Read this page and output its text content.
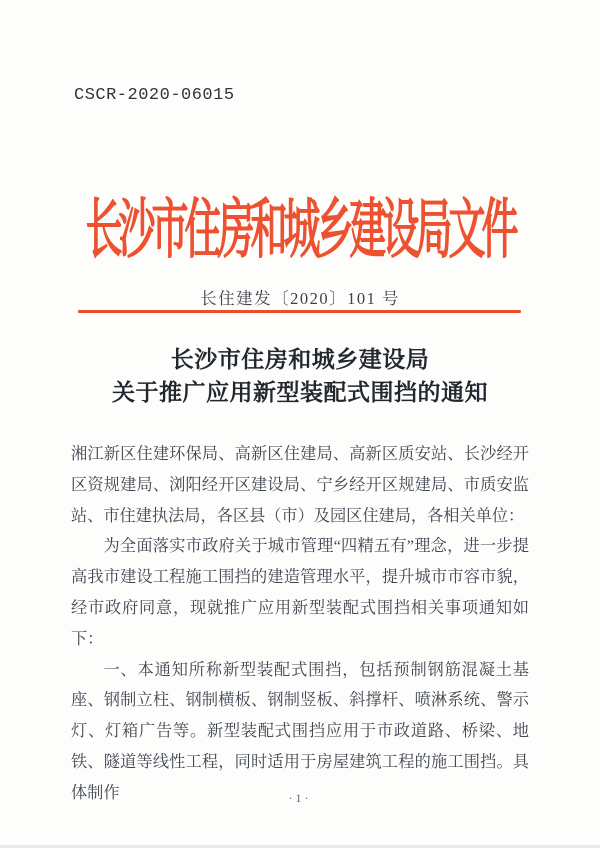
CSCR-2020-06015
长沙市住房和城乡建设局文件
长住建发〔2020〕101 号
长沙市住房和城乡建设局
关于推广应用新型装配式围挡的通知

湘江新区住建环保局、高新区住建局、高新区质安站、长沙经开区资规建局、浏阳经开区建设局、宁乡经开区规建局、市质安监站、市住建执法局，各区县（市）及园区住建局，各相关单位：

为全面落实市政府关于城市管理“四精五有”理念，进一步提高我市建设工程施工围挡的建造管理水平，提升城市市容市貌，经市政府同意，现就推广应用新型装配式围挡相关事项通知如下：

一、本通知所称新型装配式围挡，包括预制钢筋混凝土基座、钢制立柱、钢制横板、钢制竖板、斜撑杆、喷淋系统、警示灯、灯箱广告等。新型装配式围挡应用于市政道路、桥梁、地铁、隧道等线性工程，同时适用于房屋建筑工程的施工围挡。具体制作	·1·
